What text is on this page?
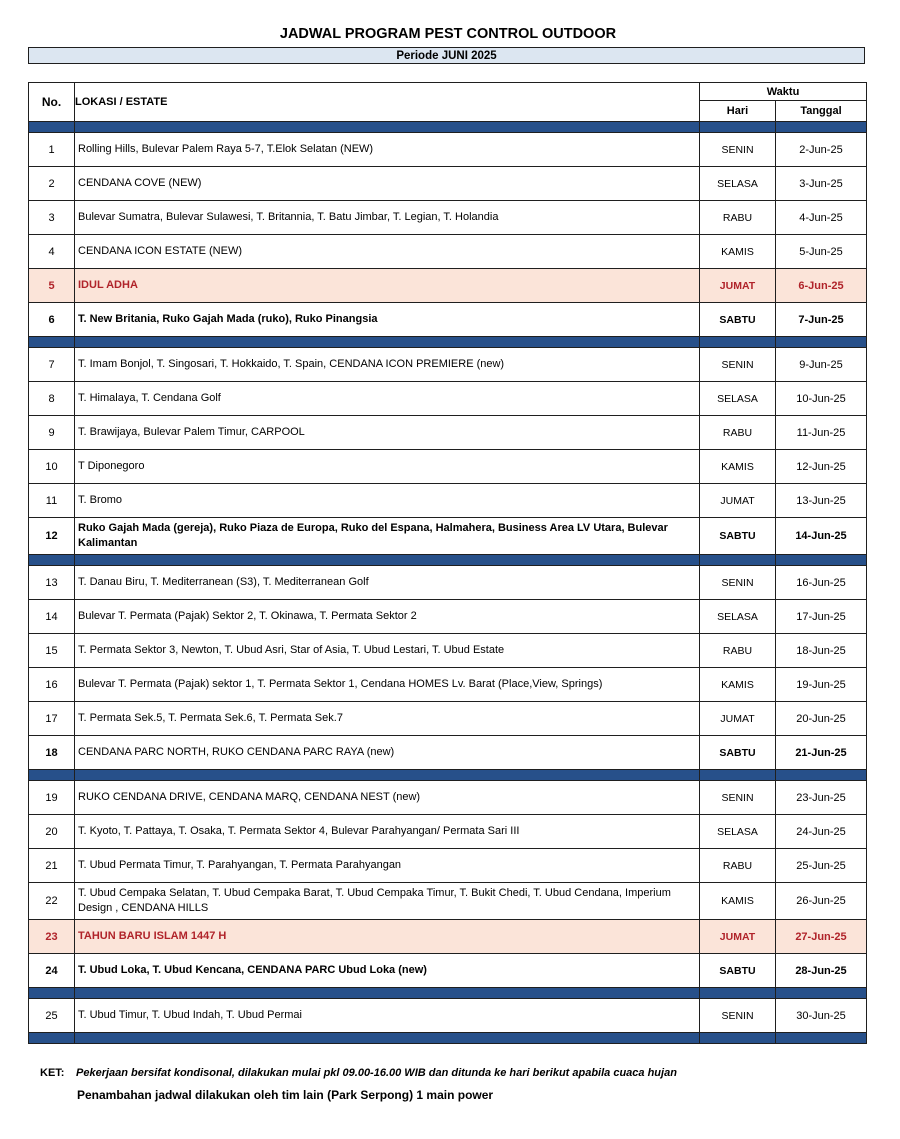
JADWAL PROGRAM PEST CONTROL OUTDOOR
Periode JUNI 2025
No.	LOKASI / ESTATE	Waktu	
		Hari	Tanggal

1	Rolling Hills, Bulevar Palem Raya 5-7, T.Elok Selatan (NEW)	SENIN	2-Jun-25
2	CENDANA COVE (NEW)	SELASA	3-Jun-25
3	Bulevar Sumatra, Bulevar Sulawesi, T. Britannia, T. Batu Jimbar, T. Legian, T. Holandia	RABU	4-Jun-25
4	CENDANA ICON ESTATE (NEW)	KAMIS	5-Jun-25
5	IDUL ADHA	JUMAT	6-Jun-25
6	T. New Britania, Ruko Gajah Mada (ruko), Ruko Pinangsia	SABTU	7-Jun-25

7	T. Imam Bonjol, T. Singosari, T. Hokkaido, T. Spain, CENDANA ICON PREMIERE (new)	SENIN	9-Jun-25
8	T. Himalaya, T. Cendana Golf	SELASA	10-Jun-25
9	T. Brawijaya, Bulevar Palem Timur, CARPOOL	RABU	11-Jun-25
10	T Diponegoro	KAMIS	12-Jun-25
11	T. Bromo	JUMAT	13-Jun-25
12	Ruko Gajah Mada (gereja), Ruko Piaza de Europa, Ruko del Espana, Halmahera, Business Area LV Utara, Bulevar Kalimantan	SABTU	14-Jun-25

13	T. Danau Biru, T. Mediterranean (S3), T. Mediterranean Golf	SENIN	16-Jun-25
14	Bulevar T. Permata (Pajak) Sektor 2, T. Okinawa, T. Permata Sektor 2	SELASA	17-Jun-25
15	T. Permata Sektor 3, Newton, T. Ubud Asri, Star of Asia, T. Ubud Lestari, T. Ubud Estate	RABU	18-Jun-25
16	Bulevar T. Permata (Pajak) sektor 1, T. Permata Sektor 1, Cendana HOMES Lv. Barat (Place,View, Springs)	KAMIS	19-Jun-25
17	T. Permata Sek.5, T. Permata Sek.6, T. Permata Sek.7	JUMAT	20-Jun-25
18	CENDANA PARC NORTH, RUKO CENDANA PARC RAYA (new)	SABTU	21-Jun-25

19	RUKO CENDANA DRIVE, CENDANA MARQ, CENDANA NEST (new)	SENIN	23-Jun-25
20	T. Kyoto, T. Pattaya, T. Osaka, T. Permata Sektor 4, Bulevar Parahyangan/ Permata Sari III	SELASA	24-Jun-25
21	T. Ubud Permata Timur, T. Parahyangan, T. Permata Parahyangan	RABU	25-Jun-25
22	T. Ubud Cempaka Selatan, T. Ubud Cempaka Barat, T. Ubud Cempaka Timur, T. Bukit Chedi, T. Ubud Cendana, Imperium Design , CENDANA HILLS	KAMIS	26-Jun-25
23	TAHUN BARU ISLAM 1447 H	JUMAT	27-Jun-25
24	T. Ubud Loka, T. Ubud Kencana, CENDANA PARC Ubud Loka (new)	SABTU	28-Jun-25

25	T. Ubud Timur, T. Ubud Indah, T. Ubud Permai	SENIN	30-Jun-25

KET: Pekerjaan bersifat kondisonal, dilakukan mulai pkl 09.00-16.00 WIB dan ditunda ke hari berikut apabila cuaca hujan
Penambahan jadwal dilakukan oleh tim lain (Park Serpong) 1 main power
